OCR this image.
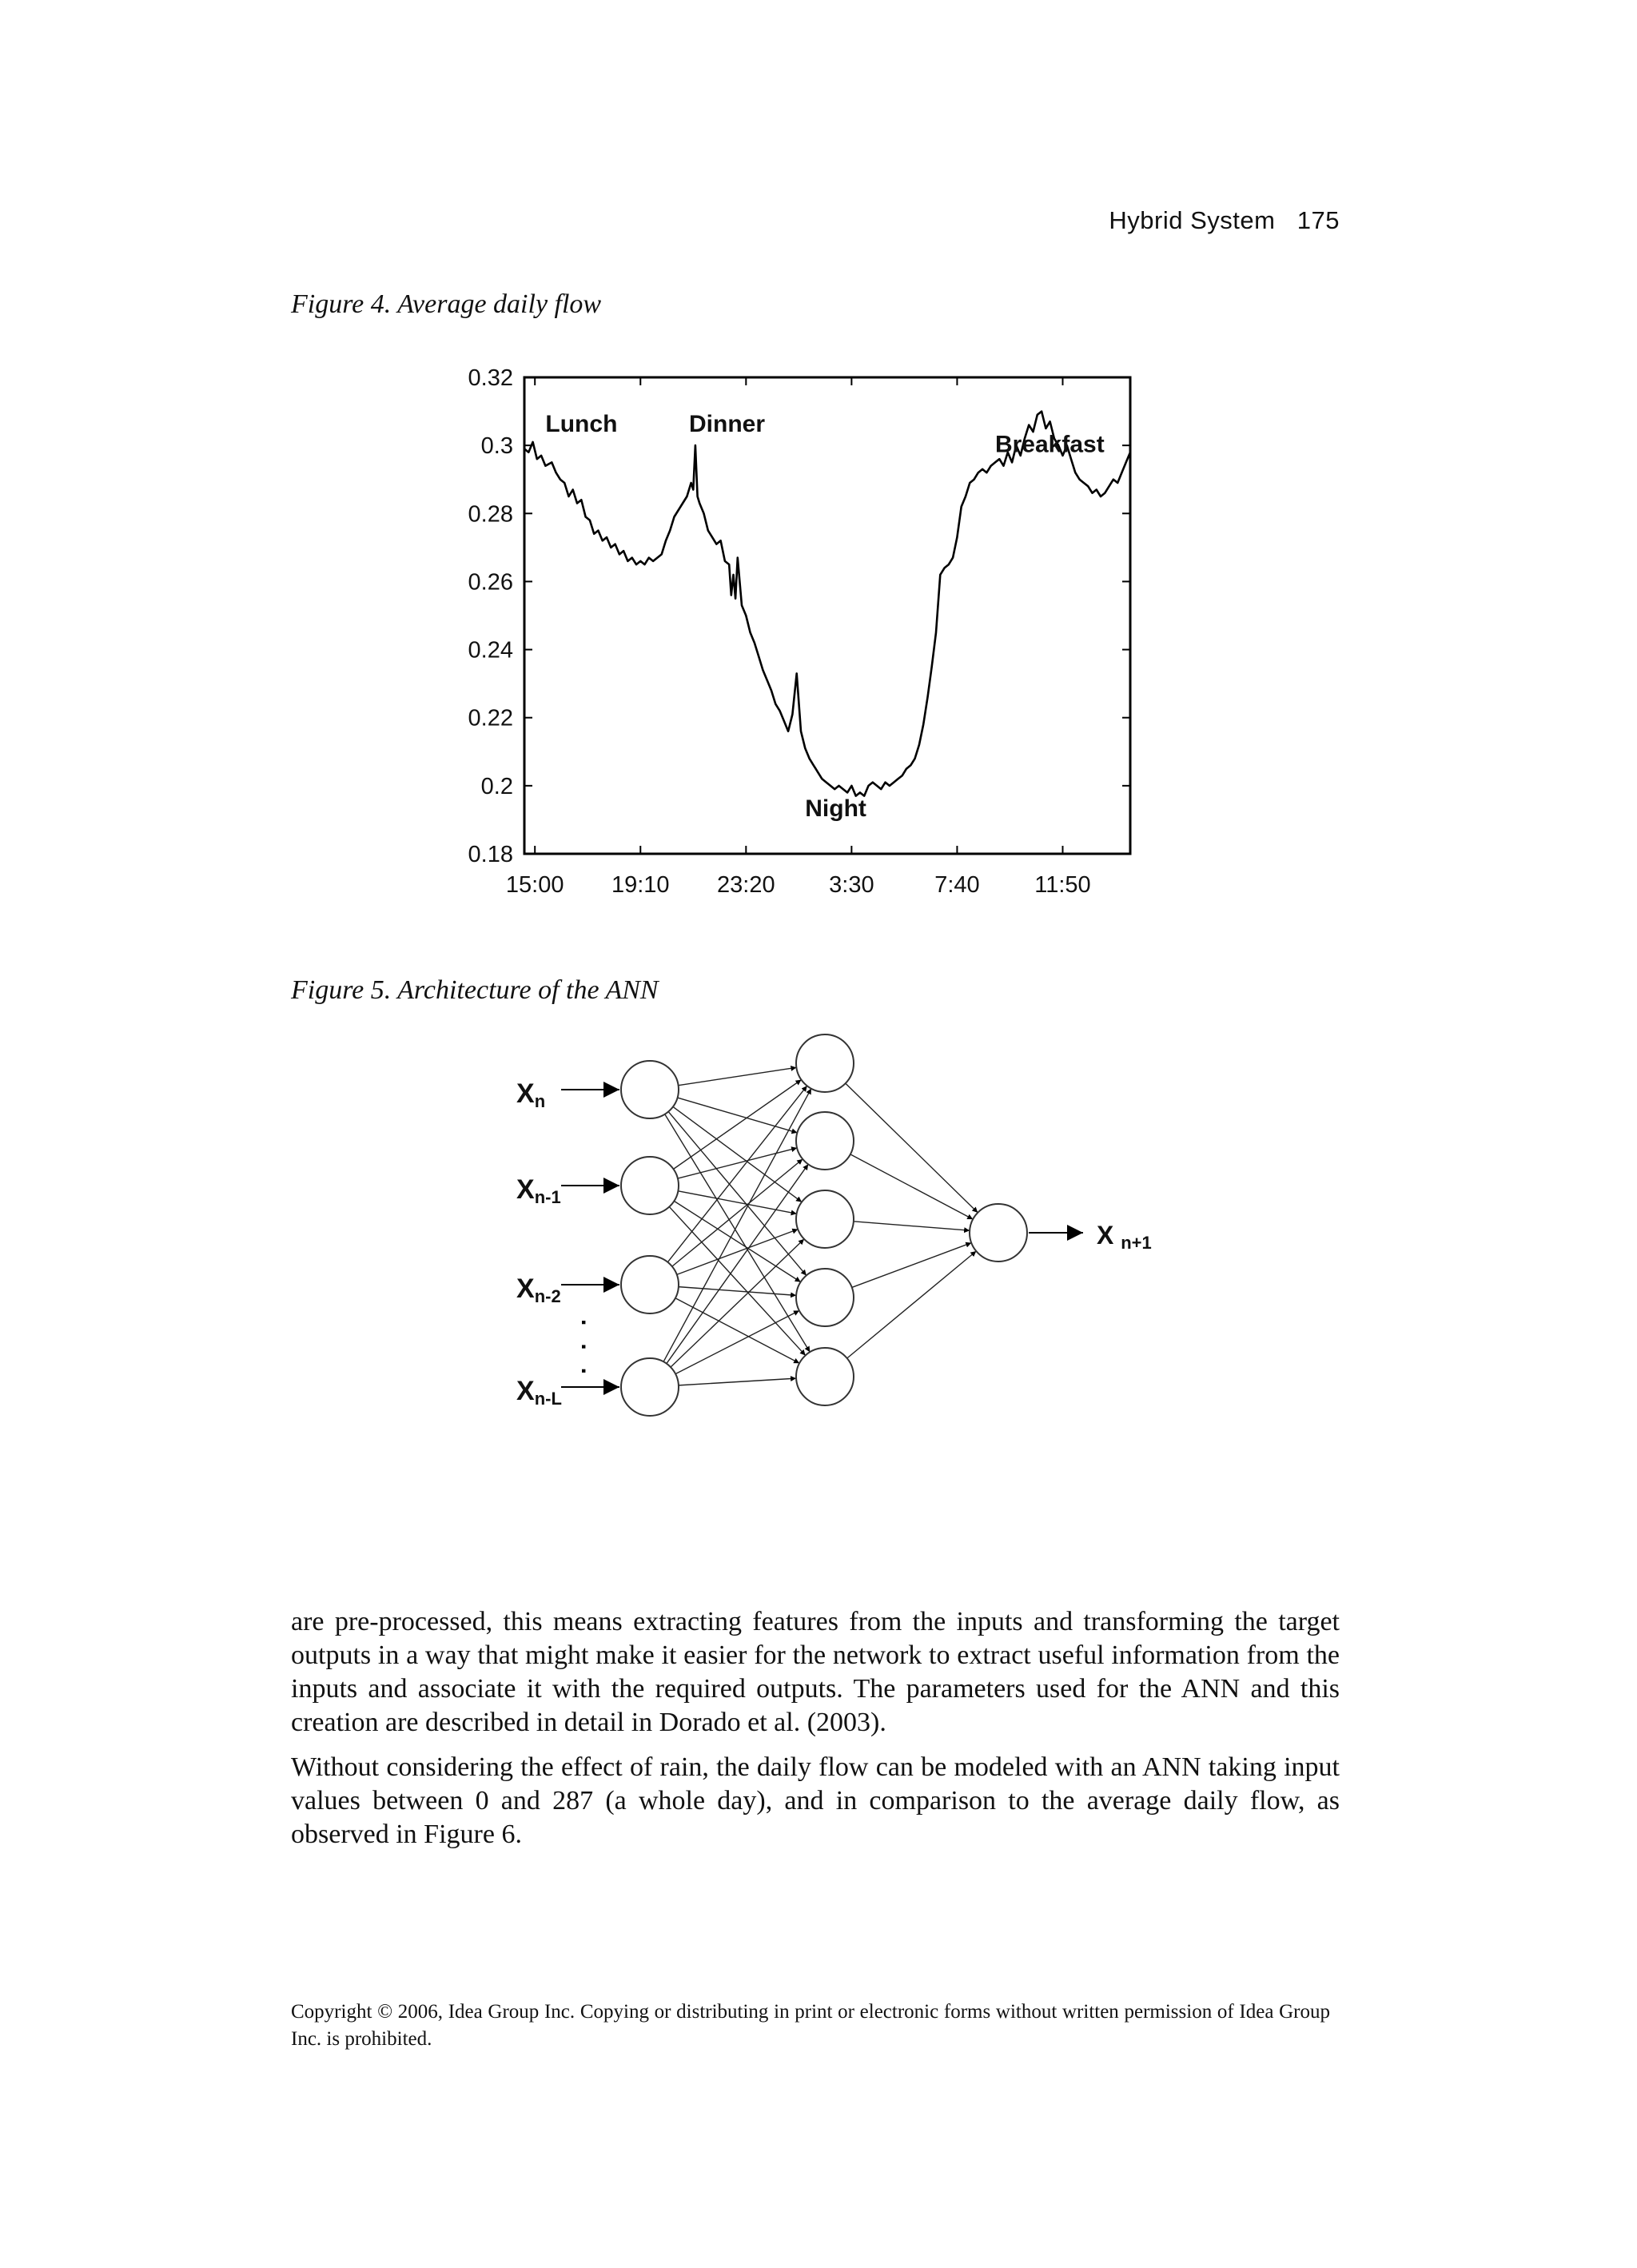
Hybrid System 175
Figure 4. Average daily flow
0.18
0.2
0.22
0.24
0.26
0.28
0.3
0.32
15:00 19:10 23:20 3:30	7:40 11:50
Lunch	Dinner
Breakfast
Night
Figure 5. Architecture of the ANN
Xn
Xn-1
Xn-2
Xn-L
· · ·
X n+1

are pre-processed, this means extracting features from the inputs and transforming the target outputs in a way that might make it easier for the network to extract useful information from the inputs and associate it with the required outputs. The parameters used for the ANN and this creation are described in detail in Dorado et al. (2003).

Without considering the effect of rain, the daily flow can be modeled with an ANN taking input values between 0 and 287 (a whole day), and in comparison to the average daily flow, as observed in Figure 6.

Copyright © 2006, Idea Group Inc. Copying or distributing in print or electronic forms without written permission of Idea Group Inc. is prohibited.
